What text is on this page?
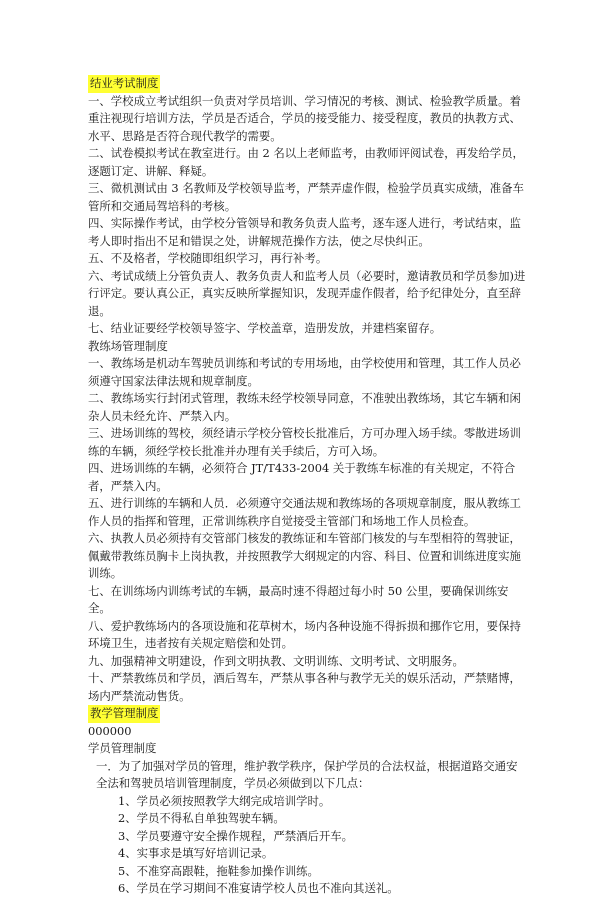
结业考试制度

一、学校成立考试组织一负责对学员培训、学习情况的考核、测试、检验教学质量。着重注视现行培训方法，学员是否适合，学员的接受能力、接受程度，教员的执教方式、水平、思路是否符合现代教学的需要。

二、试卷模拟考试在教室进行。由 2 名以上老师监考，由教师评阅试卷，再发给学员，逐题订定、讲解、释疑。

三、微机测试由 3 名教师及学校领导监考，严禁弄虚作假，检验学员真实成绩，准备车管所和交通局驾培科的考核。

四、实际操作考试，由学校分管领导和教务负责人监考，逐车逐人进行，考试结束，监考人即时指出不足和错误之处，讲解规范操作方法，使之尽快纠正。

五、不及格者，学校随即组织学习，再行补考。

六、考试成绩上分管负责人、教务负责人和监考人员（必要时，邀请教员和学员参加)进行评定。要认真公正，真实反映所掌握知识，发现弄虚作假者，给予纪律处分，直至辞退。

七、结业证要经学校领导签字、学校盖章，造册发放，并建档案留存。

教练场管理制度

一、教练场是机动车驾驶员训练和考试的专用场地，由学校使用和管理，其工作人员必须遵守国家法律法规和规章制度。

二、教练场实行封闭式管理，教练未经学校领导同意，不准驶出教练场，其它车辆和闲杂人员未经允许、严禁入内。

三、进场训练的驾校，须经请示学校分管校长批准后，方可办理入场手续。零散进场训练的车辆，须经学校长批准并办理有关手续后，方可入场。

四、进场训练的车辆，必须符合 JT/T433-2004 关于教练车标准的有关规定，不符合者，严禁入内。

五、进行训练的车辆和人员．必须遵守交通法规和教练场的各项规章制度，服从教练工作人员的指挥和管理，正常训练秩序自觉接受主管部门和场地工作人员检查。

六、执教人员必须持有交管部门核发的教练证和车管部门核发的与车型相符的驾驶证，佩戴带教练员胸卡上岗执教，并按照教学大纲规定的内容、科目、位置和训练进度实施训练。

七、在训练场内训练考试的车辆，最高时速不得超过每小时 50 公里，要确保训练安全。

八、爱护教练场内的各项设施和花草树木，场内各种设施不得拆损和挪作它用，要保持环境卫生，违者按有关规定赔偿和处罚。

九、加强精神文明建设，作到文明执教、文明训练、文明考试、文明服务。

十、严禁教练员和学员，酒后驾车，严禁从事各种与教学无关的娱乐活动，严禁赌博，场内严禁流动售货。

教学管理制度

000000

学员管理制度

一．为了加强对学员的管理，维护教学秩序，保护学员的合法权益，根据道路交通安全法和驾驶员培训管理制度，学员必须做到以下几点：

1、学员必须按照教学大纲完成培训学时。

2、学员不得私自单独驾驶车辆。

3、学员要遵守安全操作规程，严禁酒后开车。

4、实事求是填写好培训记录。

5、不准穿高跟鞋，拖鞋参加操作训练。

6、学员在学习期间不准宴请学校人员也不准向其送礼。
